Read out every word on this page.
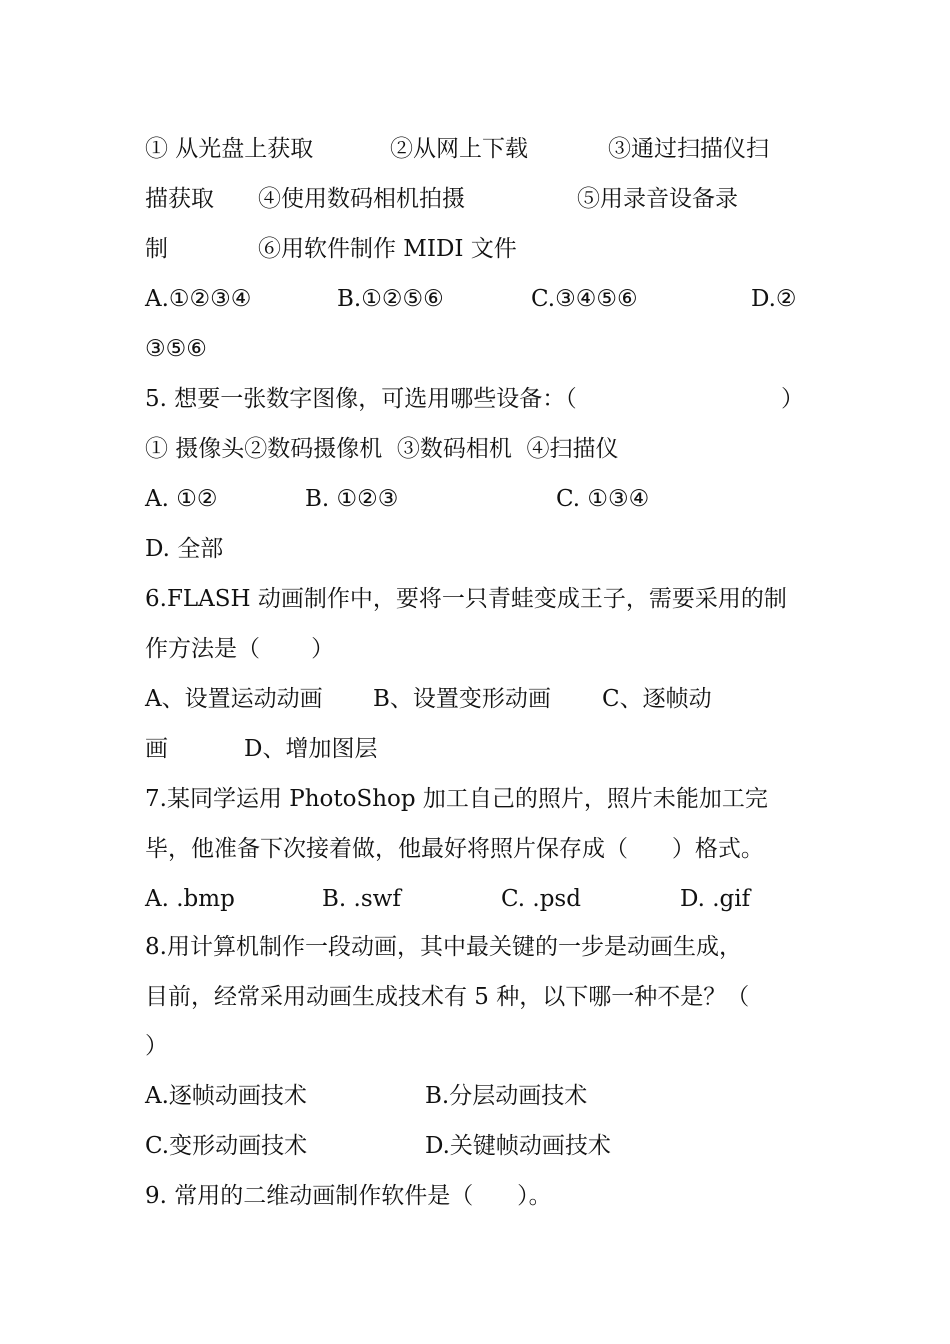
① 从光盘上获取

	②从网上下载

	③通过扫描仪扫

描获取

④使用数码相机拍摄

	⑤用录音设备录

制

	⑥用软件制作 MIDI 文件

A.①②③④

	B.①②⑤⑥

	C.③④⑤⑥

	D.②

③⑤⑥

5. 想要一张数字图像，可选用哪些设备：（

	）

① 摄像头②数码摄像机  ③数码相机  ④扫描仪

A. ①②

	B. ①②③

	C. ①③④

D. 全部

6.FLASH 动画制作中，要将一只青蛙变成王子，需要采用的制

作方法是（       ）

A、设置运动动画

B、设置变形动画

C、逐帧动

画

	D、增加图层

7.某同学运用 PhotoShop 加工自己的照片，照片未能加工完

毕，他准备下次接着做，他最好将照片保存成（      ）格式。

A. .bmp

	B. .swf

	C. .psd

	D. .gif

8.用计算机制作一段动画，其中最关键的一步是动画生成，

目前，经常采用动画生成技术有 5 种，以下哪一种不是？（

）

A.逐帧动画技术

	B.分层动画技术

C.变形动画技术

	D.关键帧动画技术

9. 常用的二维动画制作软件是（      ）。
